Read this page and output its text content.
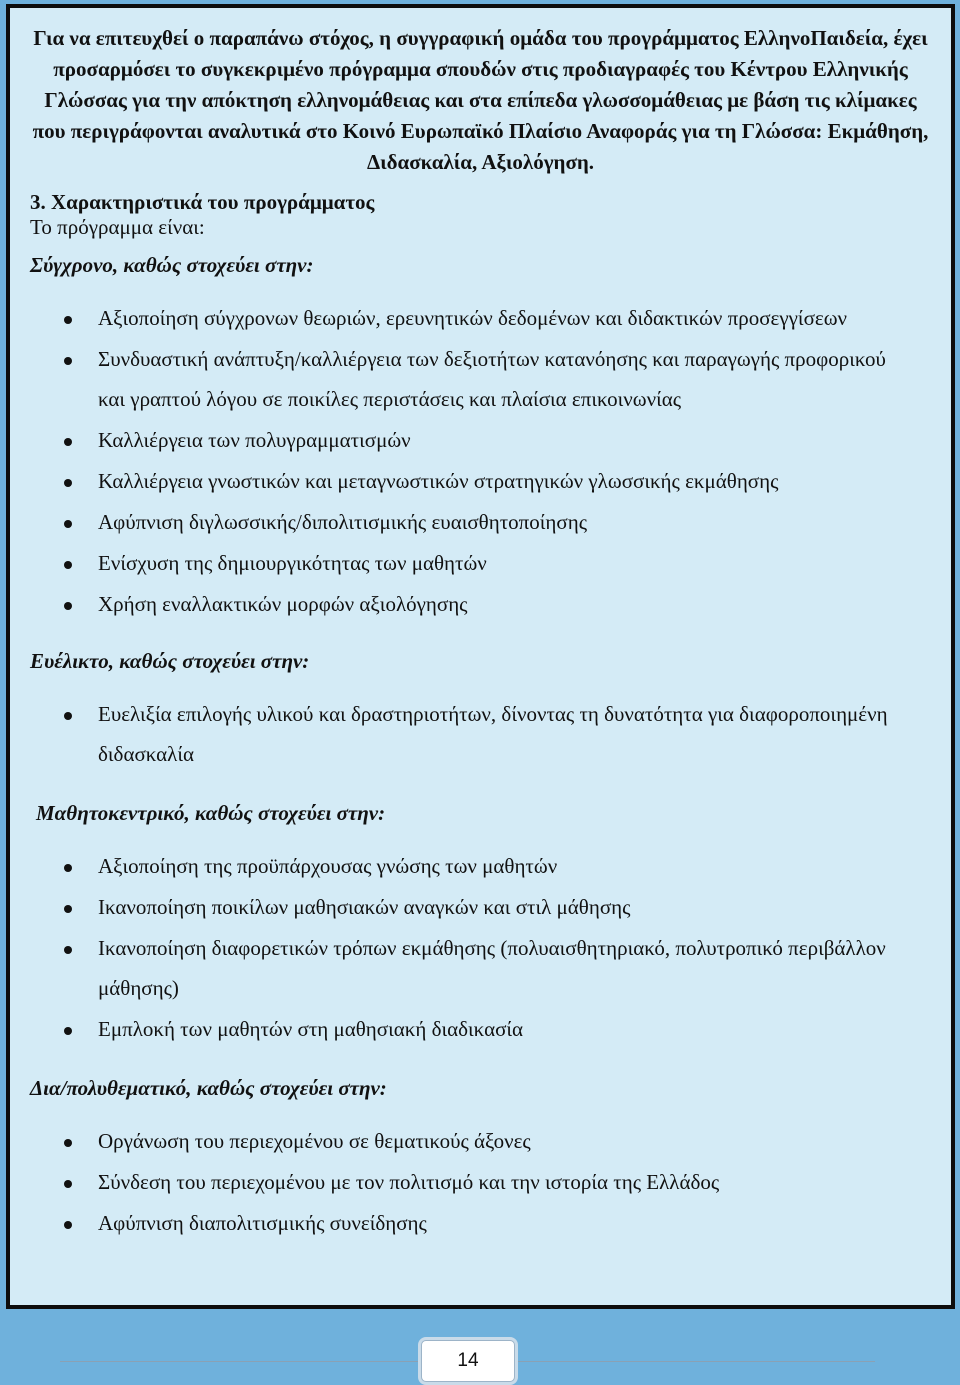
Για να επιτευχθεί ο παραπάνω στόχος, η συγγραφική ομάδα του προγράμματος ΕλληνοΠαιδεία, έχει προσαρμόσει το συγκεκριμένο πρόγραμμα σπουδών στις προδιαγραφές του Κέντρου Ελληνικής Γλώσσας για την απόκτηση ελληνομάθειας και στα επίπεδα γλωσσομάθειας με βάση τις κλίμακες που περιγράφονται αναλυτικά στο Κοινό Ευρωπαϊκό Πλαίσιο Αναφοράς για τη Γλώσσα: Εκμάθηση, Διδασκαλία, Αξιολόγηση.

3. Χαρακτηριστικά του προγράμματος
Το πρόγραμμα είναι:
Σύγχρονο, καθώς στοχεύει στην:
Αξιοποίηση σύγχρονων θεωριών, ερευνητικών δεδομένων και διδακτικών προσεγγίσεων
Συνδυαστική ανάπτυξη/καλλιέργεια των δεξιοτήτων κατανόησης και παραγωγής προφορικού και γραπτού λόγου σε ποικίλες περιστάσεις και πλαίσια επικοινωνίας
Καλλιέργεια των πολυγραμματισμών
Καλλιέργεια γνωστικών και μεταγνωστικών στρατηγικών γλωσσικής εκμάθησης
Αφύπνιση διγλωσσικής/διπολιτισμικής ευαισθητοποίησης
Ενίσχυση της δημιουργικότητας των μαθητών
Χρήση εναλλακτικών μορφών αξιολόγησης
Ευέλικτο, καθώς στοχεύει στην:
Ευελιξία επιλογής υλικού και δραστηριοτήτων, δίνοντας τη δυνατότητα για διαφοροποιημένη διδασκαλία
Μαθητοκεντρικό, καθώς στοχεύει στην:
Αξιοποίηση της προϋπάρχουσας γνώσης των μαθητών
Ικανοποίηση ποικίλων μαθησιακών αναγκών και στιλ μάθησης
Ικανοποίηση διαφορετικών τρόπων εκμάθησης (πολυαισθητηριακό, πολυτροπικό περιβάλλον μάθησης)
Εμπλοκή των μαθητών στη μαθησιακή διαδικασία
Δια/πολυθεματικό, καθώς στοχεύει στην:
Οργάνωση του περιεχομένου σε θεματικούς άξονες
Σύνδεση του περιεχομένου με τον πολιτισμό και την ιστορία της Ελλάδος
Αφύπνιση διαπολιτισμικής συνείδησης
14
